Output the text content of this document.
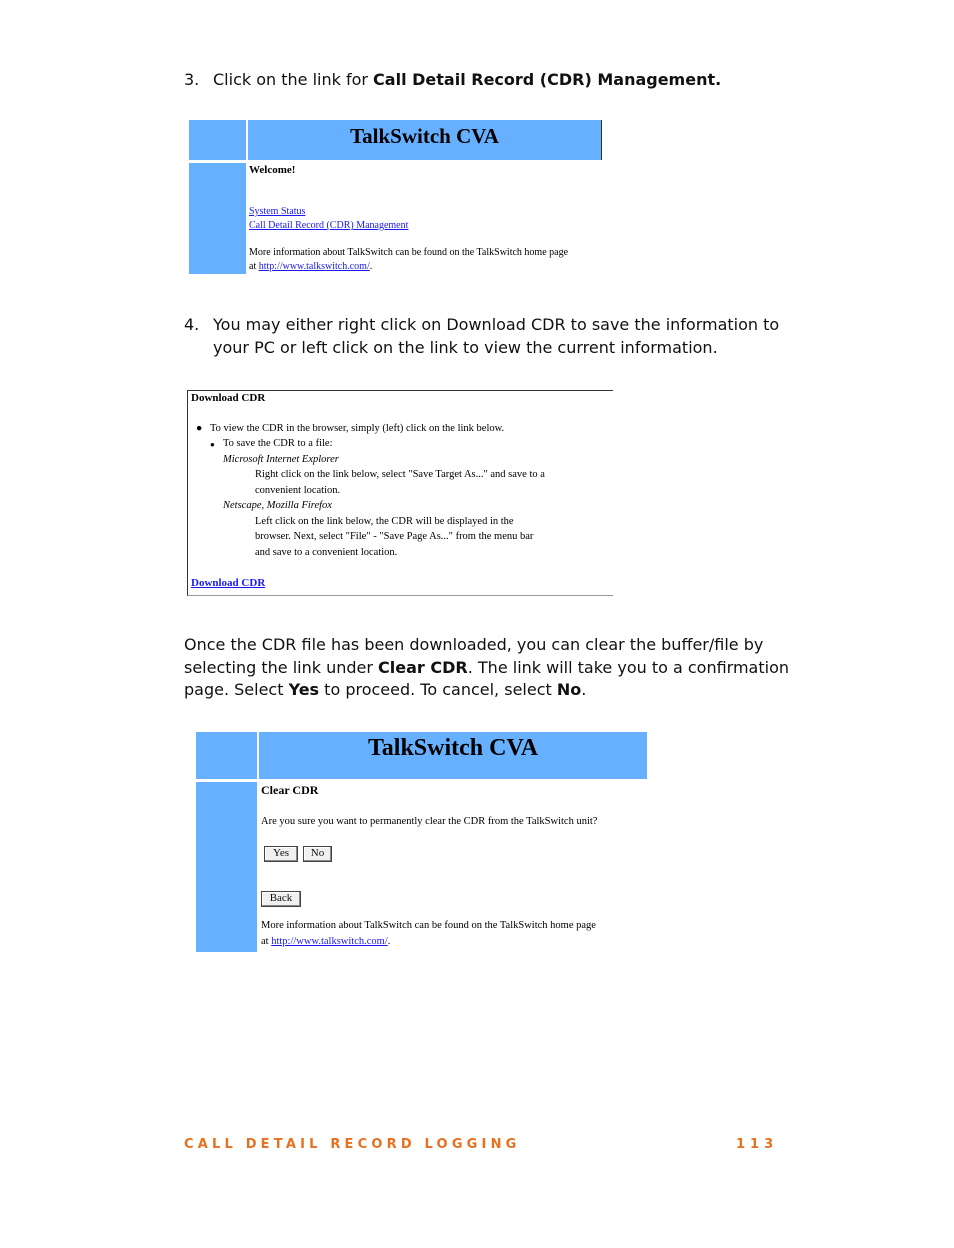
3. Click on the link for Call Detail Record (CDR) Management.
TalkSwitch CVA
Welcome!
System Status
Call Detail Record (CDR) Management
More information about TalkSwitch can be found on the TalkSwitch home page
at http://www.talkswitch.com/.
4. You may either right click on Download CDR to save the information to
your PC or left click on the link to view the current information.
Download CDR
● To view the CDR in the browser, simply (left) click on the link below.
● To save the CDR to a file:
Microsoft Internet Explorer
Right click on the link below, select "Save Target As..." and save to a
convenient location.
Netscape, Mozilla Firefox
Left click on the link below, the CDR will be displayed in the
browser. Next, select "File" - "Save Page As..." from the menu bar
and save to a convenient location.
Download CDR
Once the CDR file has been downloaded, you can clear the buffer/file by
selecting the link under Clear CDR. The link will take you to a confirmation
page. Select Yes to proceed. To cancel, select No.
TalkSwitch CVA
Clear CDR
Are you sure you want to permanently clear the CDR from the TalkSwitch unit?
Yes	No
Back
More information about TalkSwitch can be found on the TalkSwitch home page
at http://www.talkswitch.com/.
CALL DETAIL RECORD LOGGING	113
